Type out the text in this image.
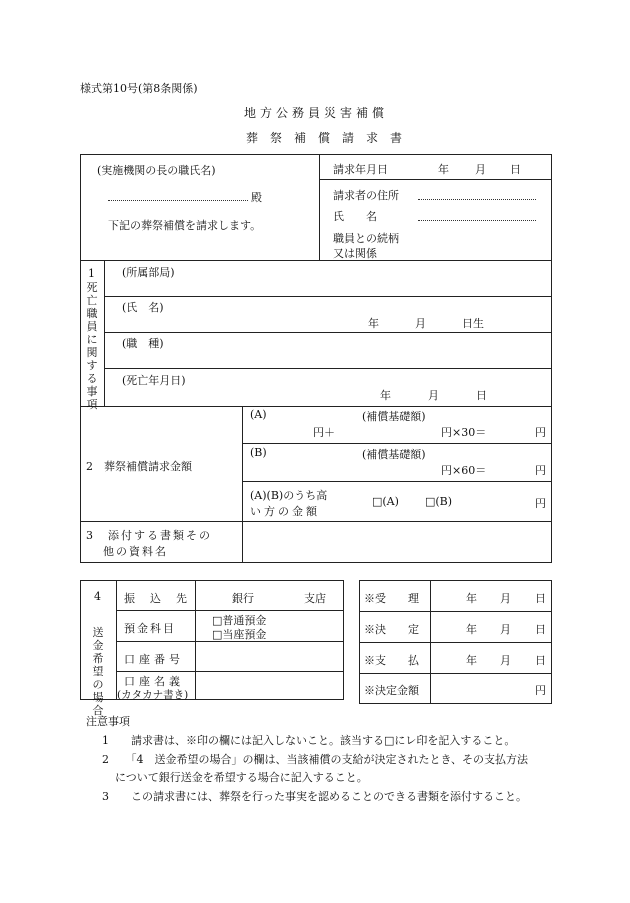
様式第10号(第8条関係)
地方公務員災害補償
葬祭補償請求書
(実施機関の長の職氏名)
殿
下記の葬祭補償を請求します。
請求年月日	年 月 日
請求者の住所
氏　　名
職員との続柄
又は関係
1
死亡職員に関する事項
(所属部局)
(氏　名)
年	月	日生
(職　種)
(死亡年月日)
年	月	日
2　葬祭補償請求金額
(A)	(補償基礎額)
円＋	円×30＝	円
(B)	(補償基礎額)
円×60＝	円
(A)(B)のうち高
い方の金額
□(A) □(B)	円
3　添付する書類その
他の資料名
4
送金希望の場合
振　込　先	銀行	支店
預金科目
□普通預金
□当座預金
口座番号
口座名義
(カタカナ書き)
※受　　理	年 月 日
※決　　定	年 月 日
※支　　払	年 月 日
※決定金額	円
注意事項
1　　請求書は、※印の欄には記入しないこと。該当する□にレ印を記入すること。
2　　「4　送金希望の場合」の欄は、当該補償の支給が決定されたとき、その支払方法
について銀行送金を希望する場合に記入すること。
3　　この請求書には、葬祭を行った事実を認めることのできる書類を添付すること。
